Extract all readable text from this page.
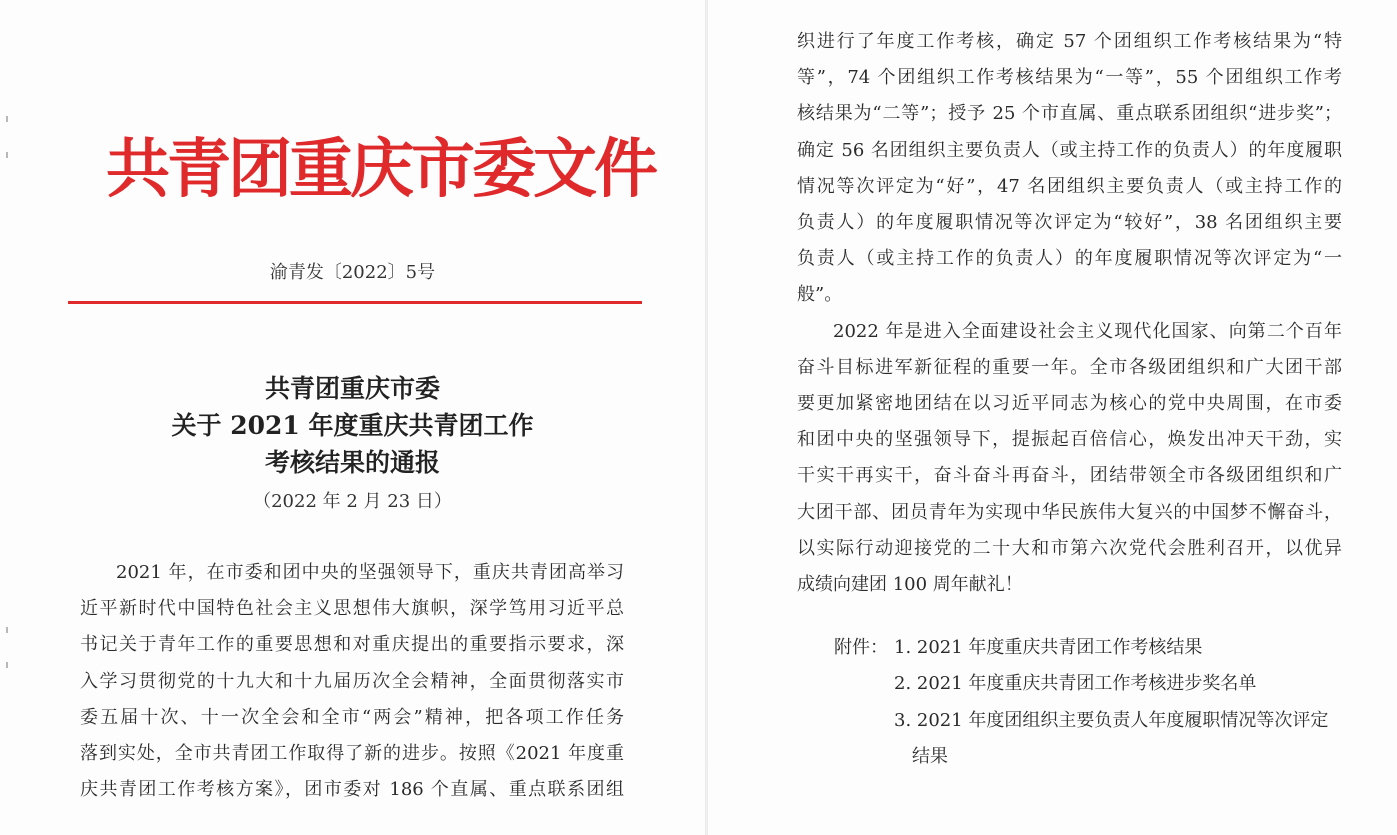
共青团重庆市委文件
渝青发〔2022〕5号
共青团重庆市委
关于 2021 年度重庆共青团工作
考核结果的通报
（2022 年 2 月 23 日）
2021 年，在市委和团中央的坚强领导下，重庆共青团高举习
近平新时代中国特色社会主义思想伟大旗帜，深学笃用习近平总
书记关于青年工作的重要思想和对重庆提出的重要指示要求，深
入学习贯彻党的十九大和十九届历次全会精神，全面贯彻落实市
委五届十次、十一次全会和全市“两会”精神，把各项工作任务
落到实处，全市共青团工作取得了新的进步。按照《2021 年度重
庆共青团工作考核方案》，团市委对 186 个直属、重点联系团组
织进行了年度工作考核，确定 57 个团组织工作考核结果为“特
等”，74 个团组织工作考核结果为“一等”，55 个团组织工作考
核结果为“二等”；授予 25 个市直属、重点联系团组织“进步奖”；
确定 56 名团组织主要负责人（或主持工作的负责人）的年度履职
情况等次评定为“好”，47 名团组织主要负责人（或主持工作的
负责人）的年度履职情况等次评定为“较好”，38 名团组织主要
负责人（或主持工作的负责人）的年度履职情况等次评定为“一
般”。
2022 年是进入全面建设社会主义现代化国家、向第二个百年
奋斗目标进军新征程的重要一年。全市各级团组织和广大团干部
要更加紧密地团结在以习近平同志为核心的党中央周围，在市委
和团中央的坚强领导下，提振起百倍信心，焕发出冲天干劲，实
干实干再实干，奋斗奋斗再奋斗，团结带领全市各级团组织和广
大团干部、团员青年为实现中华民族伟大复兴的中国梦不懈奋斗，
以实际行动迎接党的二十大和市第六次党代会胜利召开，以优异
成绩向建团 100 周年献礼！
附件： 1. 2021 年度重庆共青团工作考核结果
2. 2021 年度重庆共青团工作考核进步奖名单
3. 2021 年度团组织主要负责人年度履职情况等次评定
结果
